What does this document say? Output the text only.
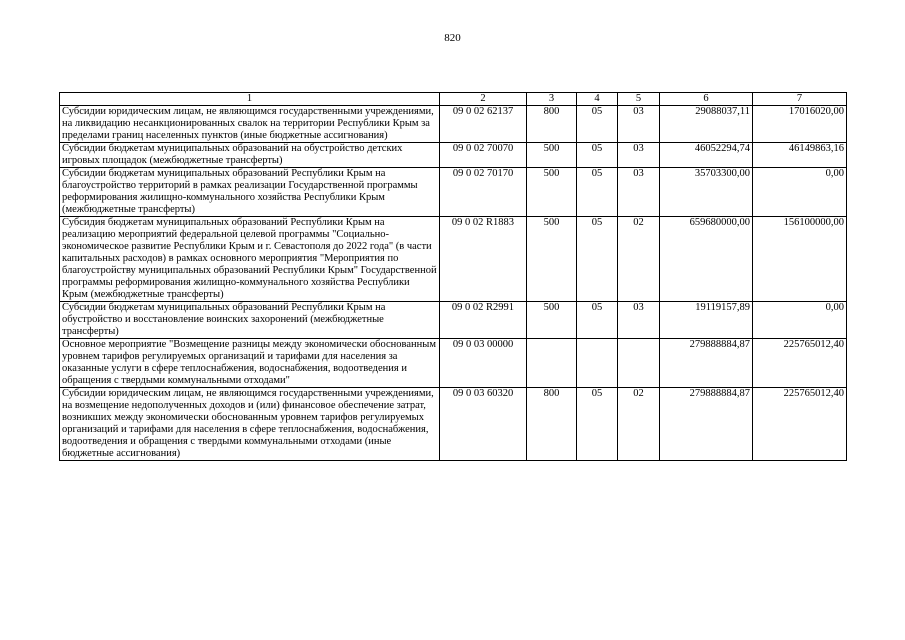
820
1	2	3	4	5	6	7
Субсидии юридическим лицам, не являющимся государственными учреждениями, на ликвидацию несанкционированных свалок на территории Республики Крым за пределами границ населенных пунктов (иные бюджетные ассигнования)	09 0 02 62137	800	05	03	29088037,11	17016020,00
Субсидии бюджетам муниципальных образований на обустройство детских игровых площадок (межбюджетные трансферты)	09 0 02 70070	500	05	03	46052294,74	46149863,16
Субсидии бюджетам муниципальных образований Республики Крым на благоустройство территорий в рамках реализации Государственной программы реформирования жилищно-коммунального хозяйства Республики Крым (межбюджетные трансферты)	09 0 02 70170	500	05	03	35703300,00	0,00
Субсидия бюджетам муниципальных образований Республики Крым на реализацию мероприятий федеральной целевой программы "Социально-экономическое развитие Республики Крым и г. Севастополя до 2022 года" (в части капитальных расходов) в рамках основного мероприятия "Мероприятия по благоустройству муниципальных образований Республики Крым" Государственной программы реформирования жилищно-коммунального хозяйства Республики Крым (межбюджетные трансферты)	09 0 02 R1883	500	05	02	659680000,00	156100000,00
Субсидии бюджетам муниципальных образований Республики Крым на обустройство и восстановление воинских захоронений (межбюджетные трансферты)	09 0 02 R2991	500	05	03	19119157,89	0,00
Основное мероприятие "Возмещение разницы между экономически обоснованным уровнем тарифов регулируемых организаций и тарифами для населения за оказанные услуги в сфере теплоснабжения, водоснабжения, водоотведения и обращения с твердыми коммунальными отходами"	09 0 03 00000				279888884,87	225765012,40
Субсидии юридическим лицам, не являющимся государственными учреждениями, на возмещение недополученных доходов и (или) финансовое обеспечение затрат, возникших между экономически обоснованным уровнем тарифов регулируемых организаций и тарифами для населения в сфере теплоснабжения, водоснабжения, водоотведения и обращения с твердыми коммунальными отходами (иные бюджетные ассигнования)	09 0 03 60320	800	05	02	279888884,87	225765012,40
